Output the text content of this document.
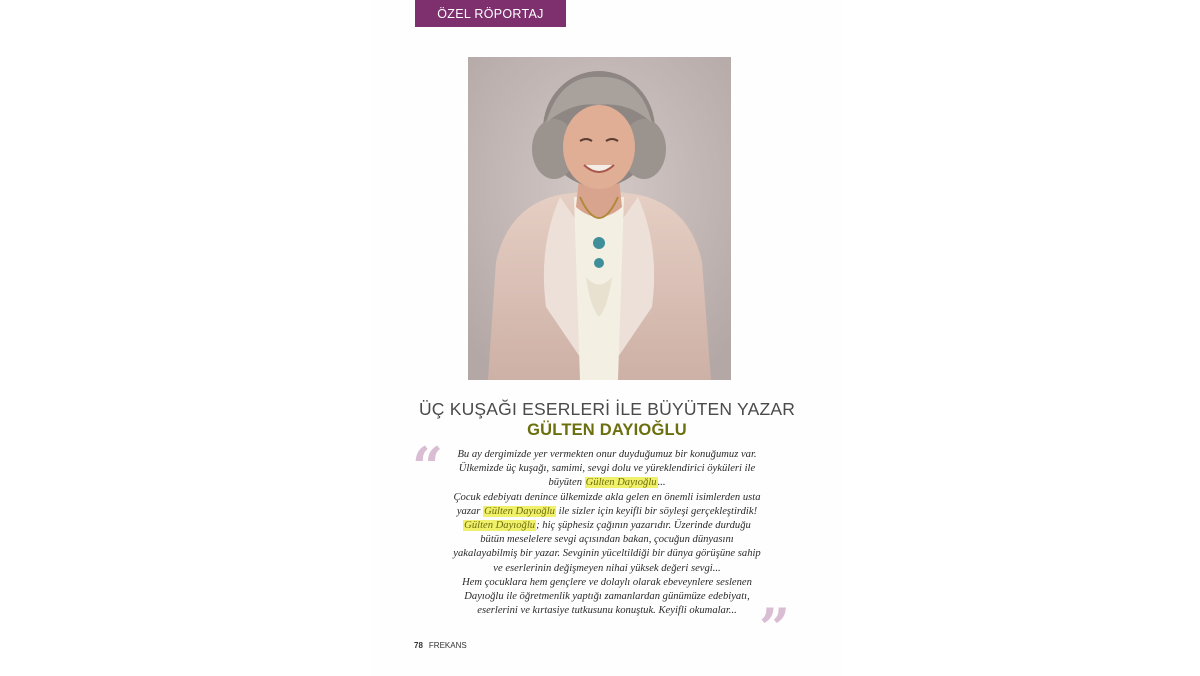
ÖZEL RÖPORTAJ
ÜÇ KUŞAĞI ESERLERİ İLE BÜYÜTEN YAZAR
GÜLTEN DAYIOĞLU
“
”

Bu ay dergimizde yer vermekten onur duyduğumuz bir konuğumuz var.

Ülkemizde üç kuşağı, samimi, sevgi dolu ve yüreklendirici öyküleri ile

büyüten Gülten Dayıoğlu...

Çocuk edebiyatı denince ülkemizde akla gelen en önemli isimlerden usta

yazar Gülten Dayıoğlu ile sizler için keyifli bir söyleşi gerçekleştirdik!

Gülten Dayıoğlu; hiç şüphesiz çağının yazarıdır. Üzerinde durduğu

bütün meselelere sevgi açısından bakan, çocuğun dünyasını

yakalayabilmiş bir yazar. Sevginin yüceltildiği bir dünya görüşüne sahip

ve eserlerinin değişmeyen nihai yüksek değeri sevgi...

Hem çocuklara hem gençlere ve dolaylı olarak ebeveynlere seslenen

Dayıoğlu ile öğretmenlik yaptığı zamanlardan günümüze edebiyatı,

eserlerini ve kırtasiye tutkusunu konuştuk. Keyifli okumalar...

78 FREKANS
